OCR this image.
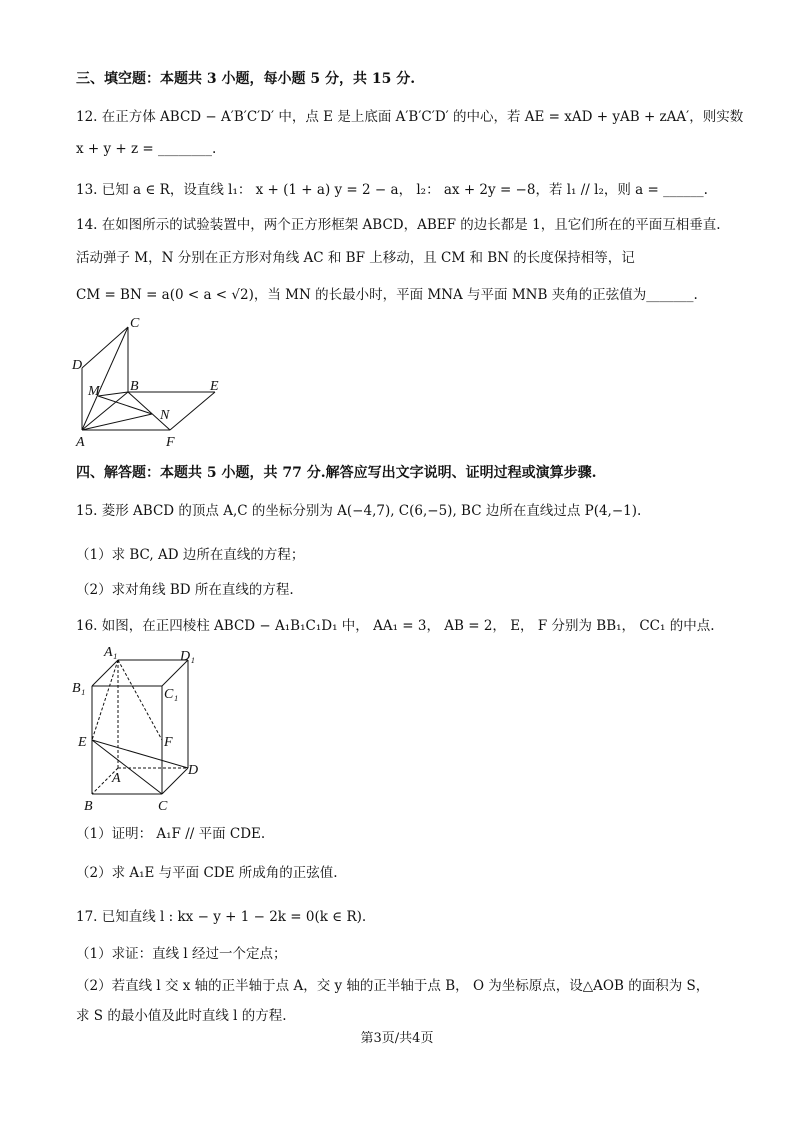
三、填空题：本题共 3 小题，每小题 5 分，共 15 分.
12. 在正方体 ABCD − A′B′C′D′ 中，点 E 是上底面 A′B′C′D′ 的中心，若 AE = xAD + yAB + zAA′，则实数
x + y + z = ________.
13. 已知 a ∈ R，设直线 l₁： x + (1 + a) y = 2 − a， l₂： ax + 2y = −8，若 l₁ // l₂，则 a = ______.
14. 在如图所示的试验装置中，两个正方形框架 ABCD，ABEF 的边长都是 1，且它们所在的平面互相垂直.
活动弹子 M，N 分别在正方形对角线 AC 和 BF 上移动，且 CM 和 BN 的长度保持相等，记
CM = BN = a(0 < a < √2)，当 MN 的长最小时，平面 MNA 与平面 MNB 夹角的正弦值为_______.
C
D
M B	E
N
A	F
四、解答题：本题共 5 小题，共 77 分.解答应写出文字说明、证明过程或演算步骤.
15. 菱形 ABCD 的顶点 A,C 的坐标分别为 A(−4,7), C(6,−5), BC 边所在直线过点 P(4,−1).
（1）求 BC, AD 边所在直线的方程；
（2）求对角线 BD 所在直线的方程.
16. 如图，在正四棱柱 ABCD − A₁B₁C₁D₁ 中， AA₁ = 3， AB = 2， E， F 分别为 BB₁， CC₁ 的中点.
A₁	D₁
B₁	C₁
E	F
A
D
B	C
（1）证明： A₁F // 平面 CDE.
（2）求 A₁E 与平面 CDE 所成角的正弦值.
17. 已知直线 l : kx − y + 1 − 2k = 0(k ∈ R).
（1）求证：直线 l 经过一个定点；
（2）若直线 l 交 x 轴的正半轴于点 A，交 y 轴的正半轴于点 B， O 为坐标原点，设△AOB 的面积为 S，
求 S 的最小值及此时直线 l 的方程.
第3页/共4页
